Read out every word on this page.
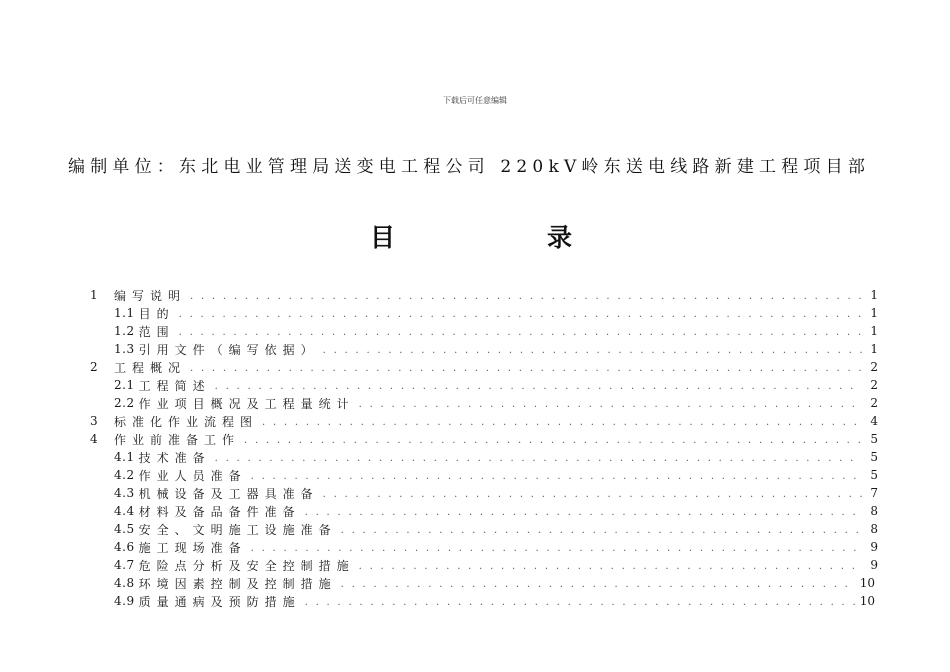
下载后可任意编辑
编制单位：东北电业管理局送变电工程公司 220kV岭东送电线路新建工程项目部
目	录
1	编写说明 . . .	1
1.1 目的 . . .	1
1.2 范围 . . .	1
1.3 引用文件（编写依据） . . .	1
2	工程概况 . . .	2
2.1 工程简述 . . .	2
2.2 作业项目概况及工程量统计 . . .	2
3	标准化作业流程图 . . .	4
4	作业前准备工作 . . .	5
4.1 技术准备 . . .	5
4.2 作业人员准备 . . .	5
4.3 机械设备及工器具准备 . . .	7
4.4 材料及备品备件准备 . . .	8
4.5 安全、文明施工设施准备 . . .	8
4.6 施工现场准备 . . .	9
4.7 危险点分析及安全控制措施 . . .	9
4.8 环境因素控制及控制措施 . . .	10
4.9 质量通病及预防措施 . . .	10
